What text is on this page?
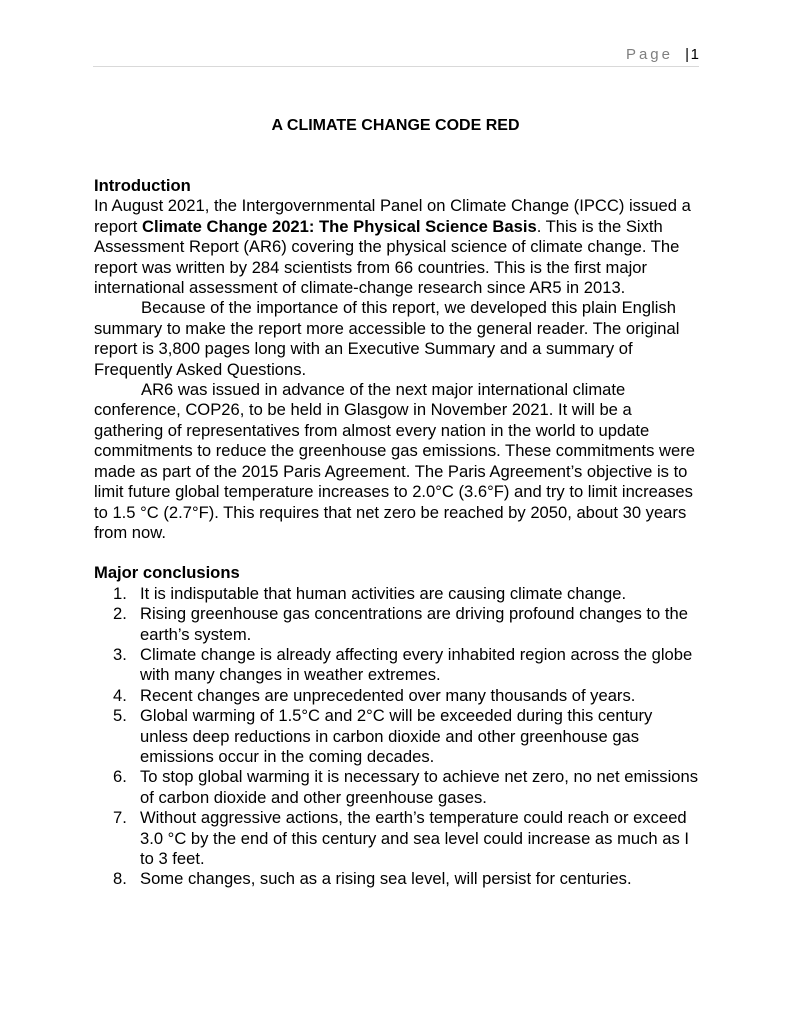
Page | 1
A CLIMATE CHANGE CODE RED
Introduction

In August 2021, the Intergovernmental Panel on Climate Change (IPCC) issued a report Climate Change 2021: The Physical Science Basis. This is the Sixth Assessment Report (AR6) covering the physical science of climate change. The report was written by 284 scientists from 66 countries. This is the first major international assessment of climate-change research since AR5 in 2013.

Because of the importance of this report, we developed this plain English summary to make the report more accessible to the general reader. The original report is 3,800 pages long with an Executive Summary and a summary of Frequently Asked Questions.

AR6 was issued in advance of the next major international climate conference, COP26, to be held in Glasgow in November 2021. It will be a gathering of representatives from almost every nation in the world to update commitments to reduce the greenhouse gas emissions. These commitments were made as part of the 2015 Paris Agreement. The Paris Agreement’s objective is to limit future global temperature increases to 2.0°C (3.6°F) and try to limit increases to 1.5 °C (2.7°F). This requires that net zero be reached by 2050, about 30 years from now.

Major conclusions
1. It is indisputable that human activities are causing climate change.
2. Rising greenhouse gas concentrations are driving profound changes to the earth’s system.
3. Climate change is already affecting every inhabited region across the globe with many changes in weather extremes.
4. Recent changes are unprecedented over many thousands of years.
5. Global warming of 1.5°C and 2°C will be exceeded during this century unless deep reductions in carbon dioxide and other greenhouse gas emissions occur in the coming decades.
6. To stop global warming it is necessary to achieve net zero, no net emissions of carbon dioxide and other greenhouse gases.
7. Without aggressive actions, the earth’s temperature could reach or exceed 3.0 °C by the end of this century and sea level could increase as much as I to 3 feet.
8. Some changes, such as a rising sea level, will persist for centuries.
